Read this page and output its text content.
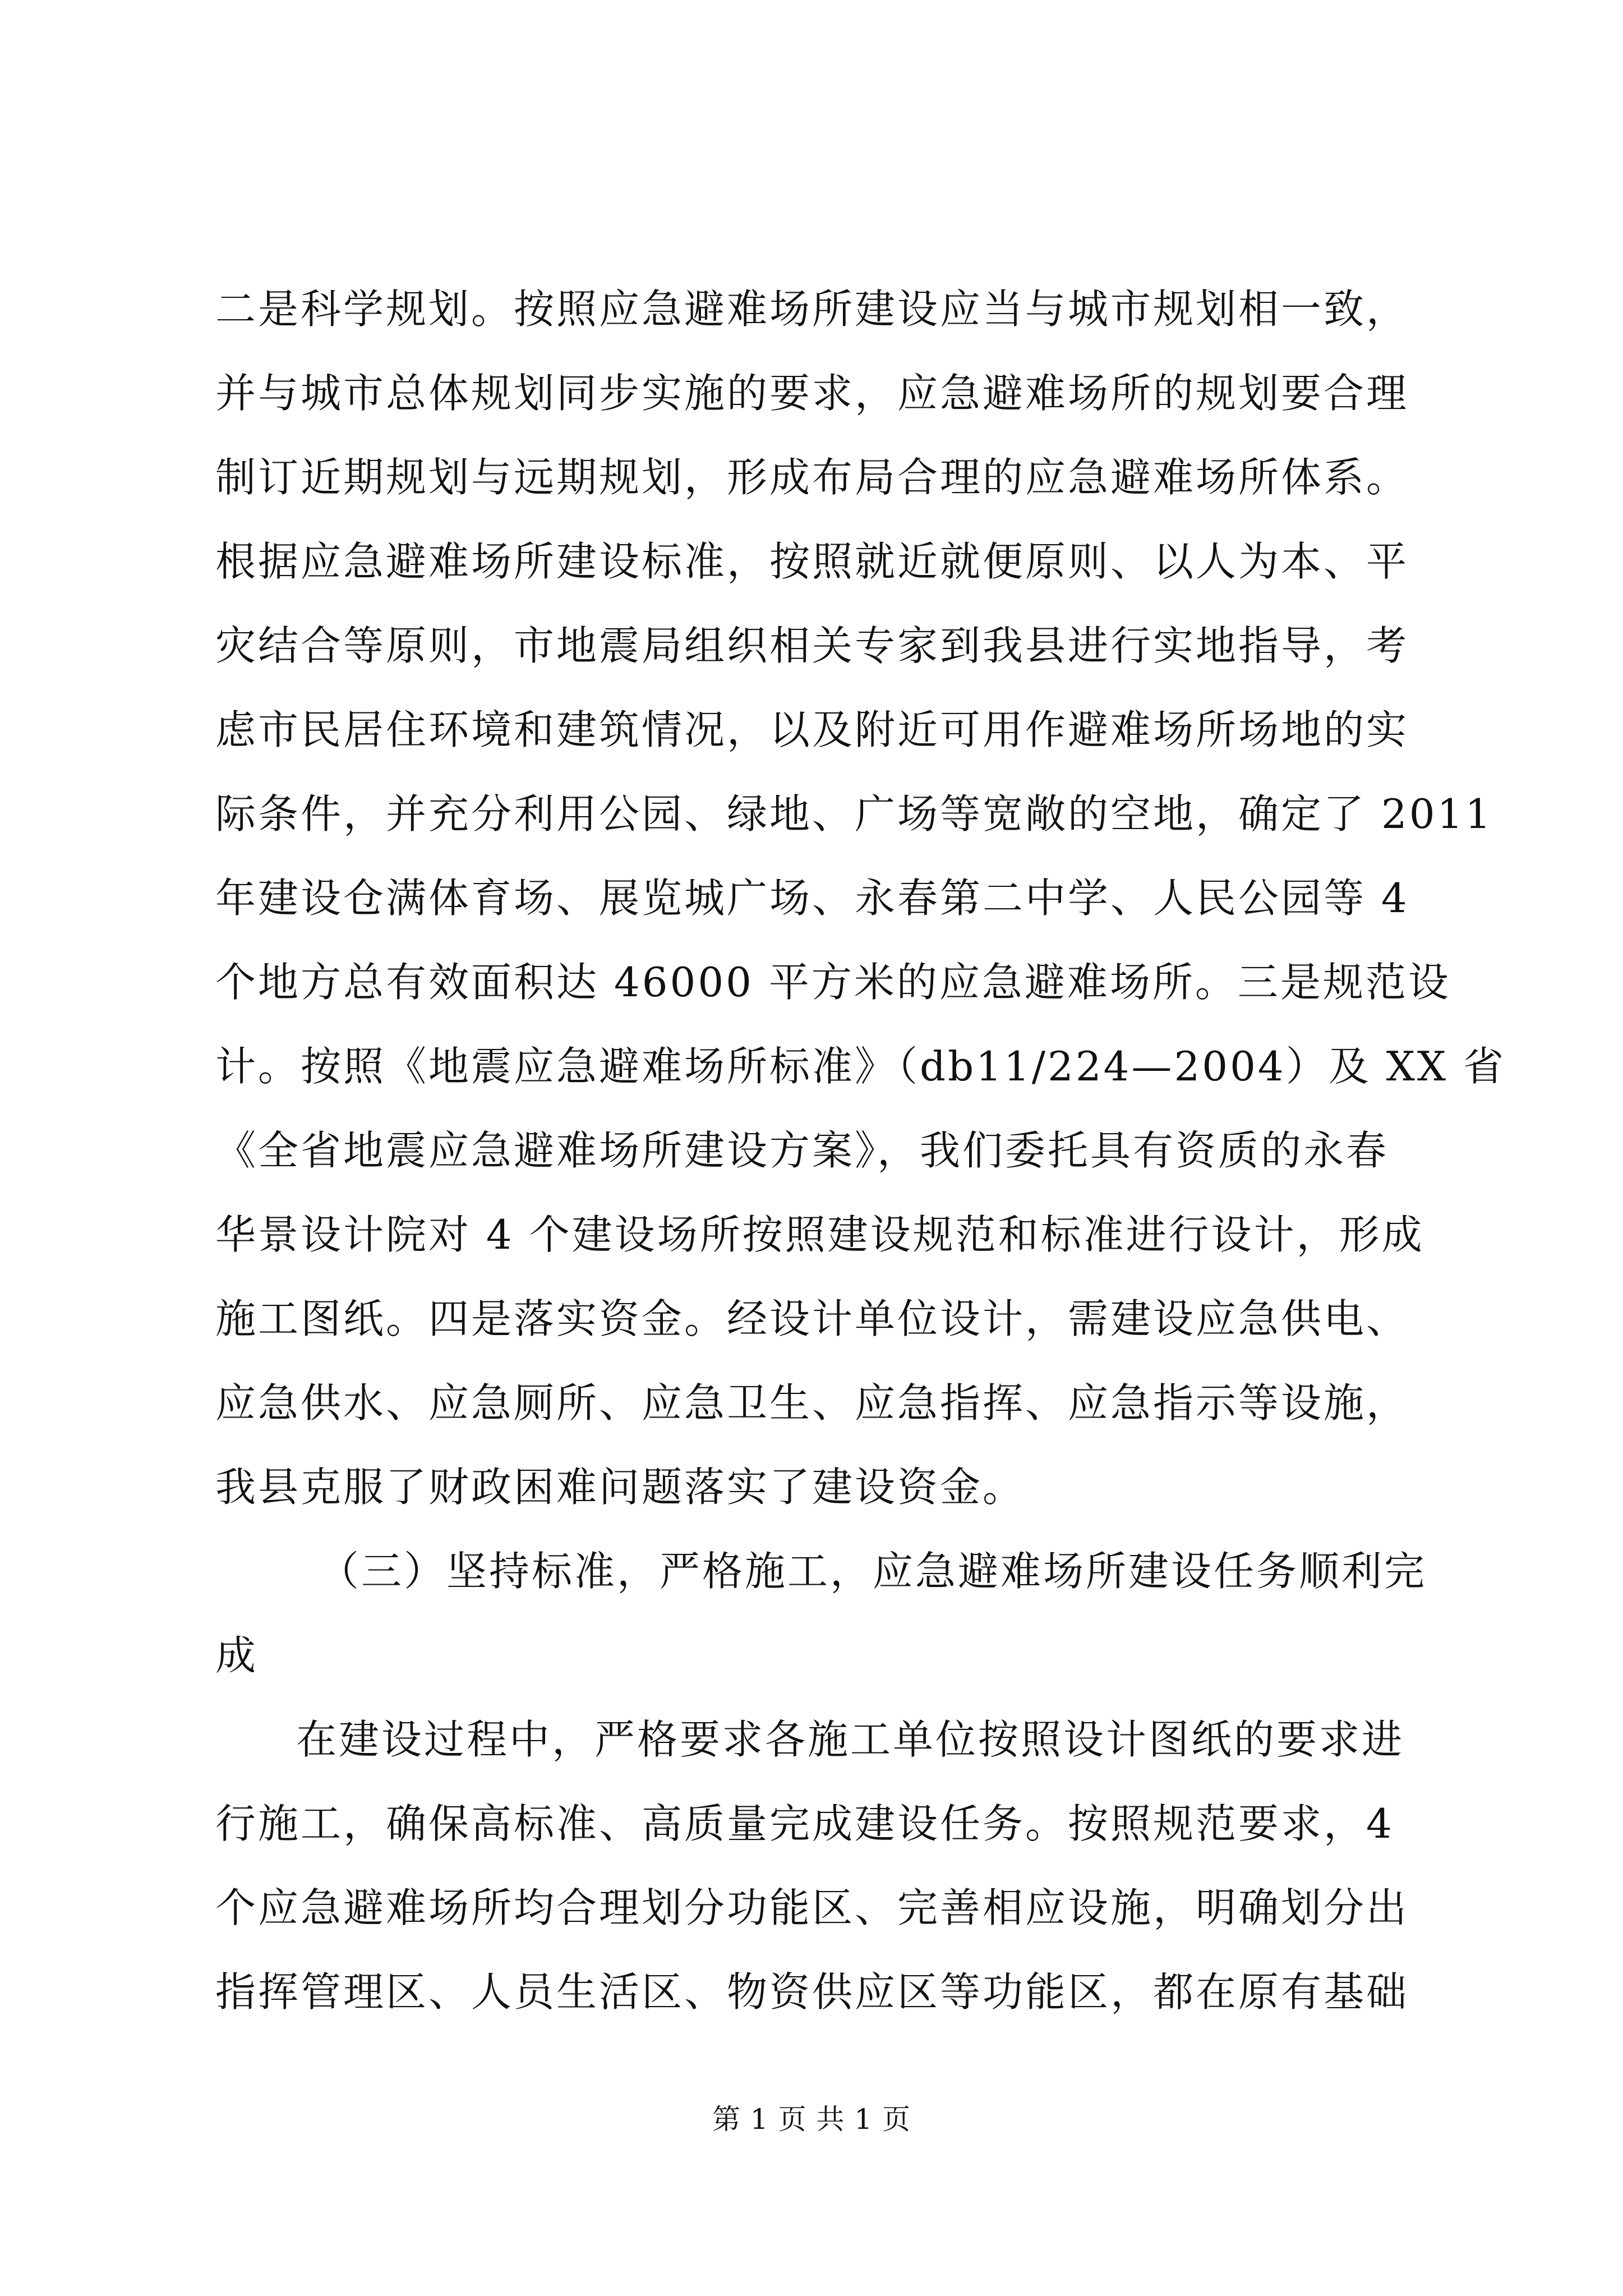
二是科学规划。按照应急避难场所建设应当与城市规划相一致，
并与城市总体规划同步实施的要求，应急避难场所的规划要合理
制订近期规划与远期规划，形成布局合理的应急避难场所体系。
根据应急避难场所建设标准，按照就近就便原则、以人为本、平
灾结合等原则，市地震局组织相关专家到我县进行实地指导，考
虑市民居住环境和建筑情况，以及附近可用作避难场所场地的实
际条件，并充分利用公园、绿地、广场等宽敞的空地，确定了 2011
年建设仓满体育场、展览城广场、永春第二中学、人民公园等 4
个地方总有效面积达 46000 平方米的应急避难场所。三是规范设
计。按照《地震应急避难场所标准》（db11/224—2004）及 XX 省
《全省地震应急避难场所建设方案》，我们委托具有资质的永春
华景设计院对 4 个建设场所按照建设规范和标准进行设计，形成
施工图纸。四是落实资金。经设计单位设计，需建设应急供电、
应急供水、应急厕所、应急卫生、应急指挥、应急指示等设施，
我县克服了财政困难问题落实了建设资金。
（三）坚持标准，严格施工，应急避难场所建设任务顺利完
成
在建设过程中，严格要求各施工单位按照设计图纸的要求进
行施工，确保高标准、高质量完成建设任务。按照规范要求，4
个应急避难场所均合理划分功能区、完善相应设施，明确划分出
指挥管理区、人员生活区、物资供应区等功能区，都在原有基础
第 1 页 共 1 页
